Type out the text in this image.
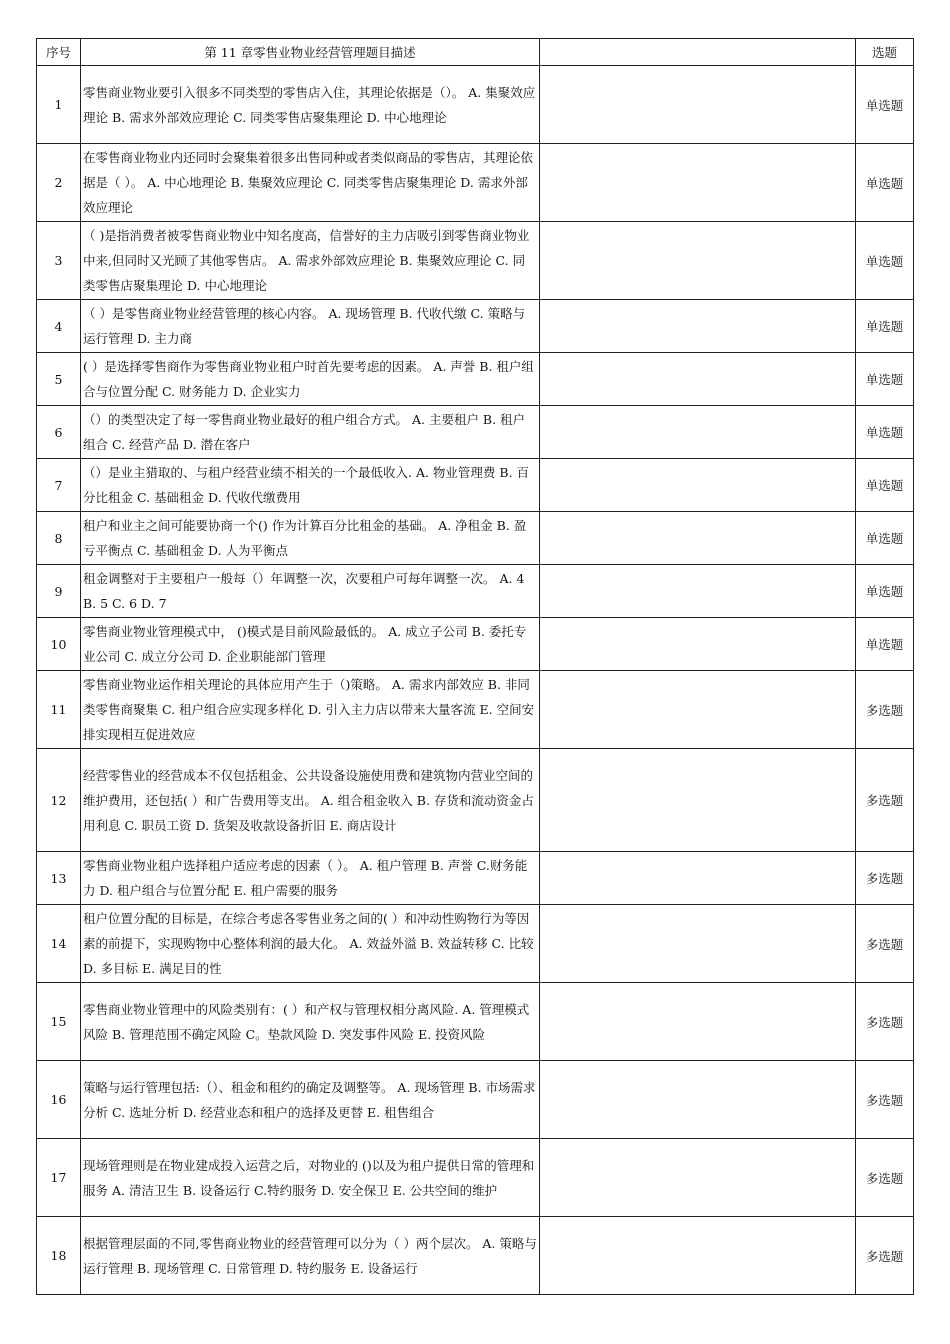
序号	第 11 章零售业物业经营管理题目描述		选题

1	零售商业物业要引入很多不同类型的零售店入住，其理论依据是（）。 A. 集聚效应理论 B. 需求外部效应理论 C. 同类零售店聚集理论 D. 中心地理论		单选题

2	在零售商业物业内还同时会聚集着很多出售同种或者类似商品的零售店，其理论依据是（ ）。 A. 中心地理论 B. 集聚效应理论 C. 同类零售店聚集理论 D. 需求外部效应理论		单选题

3	（ )是指消费者被零售商业物业中知名度高，信誉好的主力店吸引到零售商业物业中来,但同时又光顾了其他零售店。 A. 需求外部效应理论 B. 集聚效应理论 C. 同类零售店聚集理论 D. 中心地理论		单选题

4	（ ）是零售商业物业经营管理的核心内容。 A. 现场管理 B. 代收代缴 C. 策略与运行管理 D. 主力商		单选题

5	( ）是选择零售商作为零售商业物业租户时首先要考虑的因素。 A. 声誉 B. 租户组合与位置分配 C. 财务能力 D. 企业实力		单选题

6	（）的类型决定了每一零售商业物业最好的租户组合方式。 A. 主要租户 B. 租户组合 C. 经营产品 D. 潜在客户		单选题

7	（）是业主猎取的、与租户经营业绩不相关的一个最低收入. A. 物业管理费 B. 百分比租金 C. 基础租金 D. 代收代缴费用		单选题

8	租户和业主之间可能要协商一个() 作为计算百分比租金的基础。 A. 净租金 B. 盈亏平衡点 C. 基础租金 D. 人为平衡点		单选题

9	租金调整对于主要租户一般每（）年调整一次，次要租户可每年调整一次。 A. 4 B. 5 C. 6 D. 7		单选题

10	零售商业物业管理模式中， ()模式是目前风险最低的。 A. 成立子公司 B. 委托专业公司 C. 成立分公司 D. 企业职能部门管理		单选题

11	零售商业物业运作相关理论的具体应用产生于（)策略。 A. 需求内部效应 B. 非同类零售商聚集 C. 租户组合应实现多样化 D. 引入主力店以带来大量客流 E. 空间安排实现相互促进效应		多选题

12	经营零售业的经营成本不仅包括租金、公共设备设施使用费和建筑物内营业空间的维护费用，还包括( ）和广告费用等支出。 A. 组合租金收入 B. 存货和流动资金占用利息 C. 职员工资 D. 货架及收款设备折旧 E. 商店设计		多选题

13	零售商业物业租户选择租户适应考虑的因素（ ）。 A. 租户管理 B. 声誉 C.财务能力 D. 租户组合与位置分配 E. 租户需要的服务		多选题

14	租户位置分配的目标是，在综合考虑各零售业务之间的( ）和冲动性购物行为等因素的前提下，实现购物中心整体利润的最大化。 A. 效益外溢 B. 效益转移 C. 比较 D. 多目标 E. 满足目的性		多选题

15	零售商业物业管理中的风险类别有：( ）和产权与管理权相分离风险. A. 管理模式风险 B. 管理范围不确定风险 C。垫款风险 D. 突发事件风险 E. 投资风险		多选题

16	策略与运行管理包括:（）、租金和租约的确定及调整等。 A. 现场管理 B. 市场需求分析 C. 选址分析 D. 经营业态和租户的选择及更替 E. 租售组合		多选题

17	现场管理则是在物业建成投入运营之后，对物业的 ()以及为租户提供日常的管理和服务 A. 清洁卫生 B. 设备运行 C.特约服务 D. 安全保卫 E. 公共空间的维护		多选题

18	根据管理层面的不同,零售商业物业的经营管理可以分为（ ）两个层次。 A. 策略与运行管理 B. 现场管理 C. 日常管理 D. 特约服务 E. 设备运行		多选题
